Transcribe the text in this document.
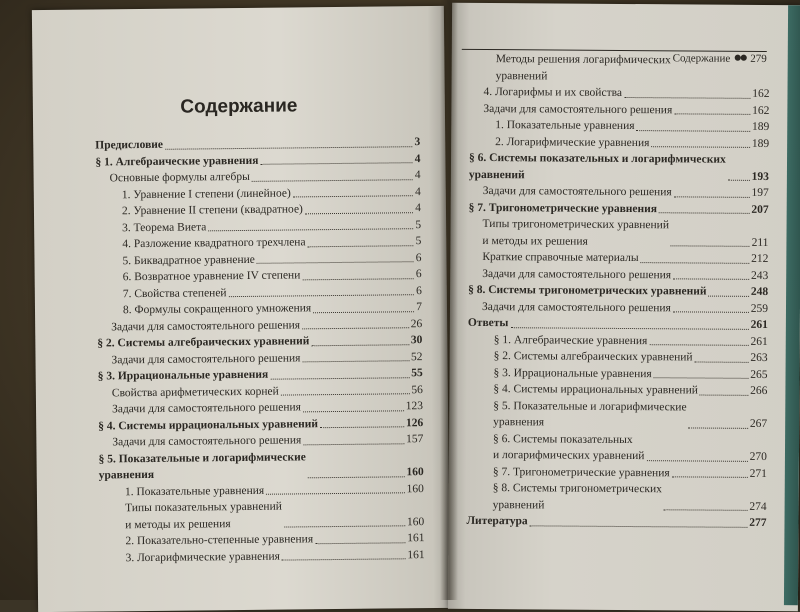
Содержание
Предисловие	3
§ 1. Алгебраические уравнения	4
Основные формулы алгебры	4
1. Уравнение I степени (линейное)	4
2. Уравнение II степени (квадратное)	4
3. Теорема Виета	5
4. Разложение квадратного трехчлена	5
5. Биквадратное уравнение	6
6. Возвратное уравнение IV степени	6
7. Свойства степеней	6
8. Формулы сокращенного умножения	7
Задачи для самостоятельного решения	26
§ 2. Системы алгебраических уравнений	30
Задачи для самостоятельного решения	52
§ 3. Иррациональные уравнения	55
Свойства арифметических корней	56
Задачи для самостоятельного решения	123
§ 4. Системы иррациональных уравнений	126
Задачи для самостоятельного решения	157
§ 5. Показательные и логарифмические
уравнения	160
1. Показательные уравнения	160
Типы показательных уравнений
и методы их решения	160
2. Показательно-степенные уравнения	161
3. Логарифмические уравнения	161
Содержание ●● 279
Методы решения логарифмических
уравнений
4. Логарифмы и их свойства	162
Задачи для самостоятельного решения	162
1. Показательные уравнения	189
2. Логарифмические уравнения	189
§ 6. Системы показательных и логарифмических
уравнений	193
Задачи для самостоятельного решения	197
§ 7. Тригонометрические уравнения	207
Типы тригонометрических уравнений
и методы их решения	211
Краткие справочные материалы	212
Задачи для самостоятельного решения	243
§ 8. Системы тригонометрических уравнений	248
Задачи для самостоятельного решения	259
Ответы	261
§ 1. Алгебраические уравнения	261
§ 2. Системы алгебраических уравнений	263
§ 3. Иррациональные уравнения	265
§ 4. Системы иррациональных уравнений	266
§ 5. Показательные и логарифмические
уравнения	267
§ 6. Системы показательных
и логарифмических уравнений	270
§ 7. Тригонометрические уравнения	271
§ 8. Системы тригонометрических
уравнений	274
Литература	277
